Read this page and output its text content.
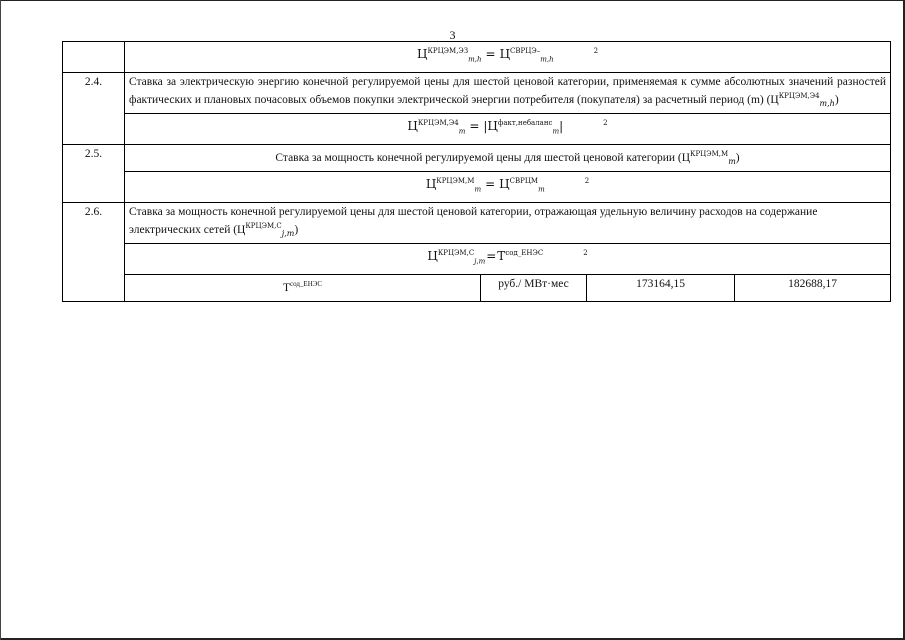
3
	$Ц^{КРЦЭМ,ЭЗ}_{m,h} = Ц^{СВРЦЭ-}_{m,h}^2$
2.4.	Ставка за электрическую энергию конечной регулируемой цены для шестой ценовой категории, применяемая к сумме абсолютных значений разностей фактических и плановых почасовых объемов покупки электрической энергии потребителя (покупателя) за расчетный период (m) $(Ц^{КРЦЭМ,Э4}_{m,h})$			
	$Ц^{КРЦЭМ,Э4}_m = |Ц^{факт,небаланс}_m|$ $^2$
2.5.	Ставка за мощность конечной регулируемой цены для шестой ценовой категории $(Ц^{КРЦЭМ,М}_m)$			
	$Ц^{КРЦЭМ,М}_m = Ц^{СВРЦМ}_m^2$
2.6.	Ставка за мощность конечной регулируемой цены для шестой ценовой категории, отражающая удельную величину расходов на содержание электрических сетей $(Ц^{КРЦЭМ,С}_{j,m})$			
	$Ц^{КРЦЭМ,С}_{j,m}=Т^{сод\_ЕНЭС}$ $^2$
	$Т^{сод\_ЕНЭС}$	руб./ МВт·мес	173164,15	182688,17
